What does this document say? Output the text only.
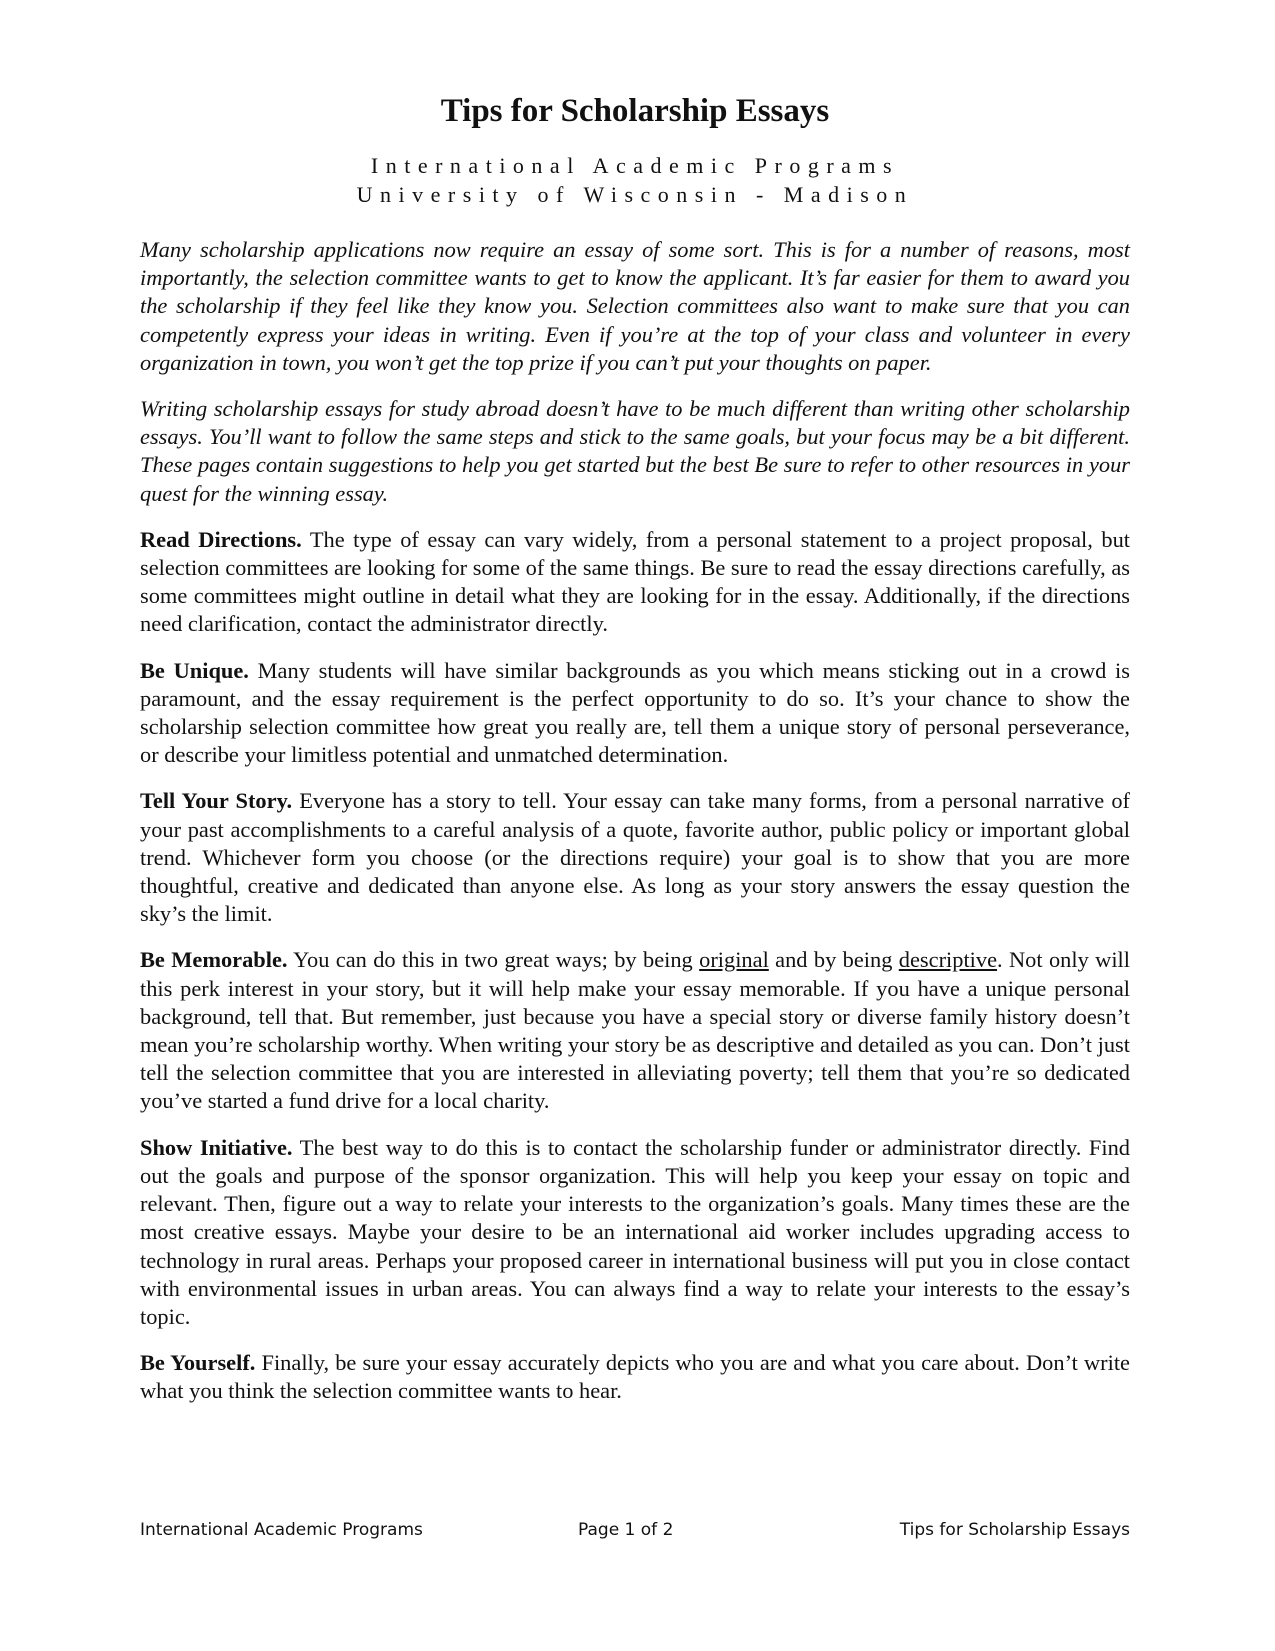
Tips for Scholarship Essays
International Academic Programs
University of Wisconsin - Madison

Many scholarship applications now require an essay of some sort. This is for a number of reasons, most importantly, the selection committee wants to get to know the applicant. It’s far easier for them to award you the scholarship if they feel like they know you. Selection committees also want to make sure that you can competently express your ideas in writing. Even if you’re at the top of your class and volunteer in every organization in town, you won’t get the top prize if you can’t put your thoughts on paper.

Writing scholarship essays for study abroad doesn’t have to be much different than writing other scholarship essays. You’ll want to follow the same steps and stick to the same goals, but your focus may be a bit different. These pages contain suggestions to help you get started but the best Be sure to refer to other resources in your quest for the winning essay.

Read Directions. The type of essay can vary widely, from a personal statement to a project proposal, but selection committees are looking for some of the same things. Be sure to read the essay directions carefully, as some committees might outline in detail what they are looking for in the essay. Additionally, if the directions need clarification, contact the administrator directly.

Be Unique. Many students will have similar backgrounds as you which means sticking out in a crowd is paramount, and the essay requirement is the perfect opportunity to do so. It’s your chance to show the scholarship selection committee how great you really are, tell them a unique story of personal perseverance, or describe your limitless potential and unmatched determination.

Tell Your Story. Everyone has a story to tell. Your essay can take many forms, from a personal narrative of your past accomplishments to a careful analysis of a quote, favorite author, public policy or important global trend. Whichever form you choose (or the directions require) your goal is to show that you are more thoughtful, creative and dedicated than anyone else. As long as your story answers the essay question the sky’s the limit.

Be Memorable. You can do this in two great ways; by being original and by being descriptive. Not only will this perk interest in your story, but it will help make your essay memorable. If you have a unique personal background, tell that. But remember, just because you have a special story or diverse family history doesn’t mean you’re scholarship worthy. When writing your story be as descriptive and detailed as you can. Don’t just tell the selection committee that you are interested in alleviating poverty; tell them that you’re so dedicated you’ve started a fund drive for a local charity.

Show Initiative. The best way to do this is to contact the scholarship funder or administrator directly. Find out the goals and purpose of the sponsor organization. This will help you keep your essay on topic and relevant. Then, figure out a way to relate your interests to the organization’s goals. Many times these are the most creative essays. Maybe your desire to be an international aid worker includes upgrading access to technology in rural areas. Perhaps your proposed career in international business will put you in close contact with environmental issues in urban areas. You can always find a way to relate your interests to the essay’s topic.

Be Yourself. Finally, be sure your essay accurately depicts who you are and what you care about. Don’t write what you think the selection committee wants to hear.

International Academic Programs	Page 1 of 2	Tips for Scholarship Essays
